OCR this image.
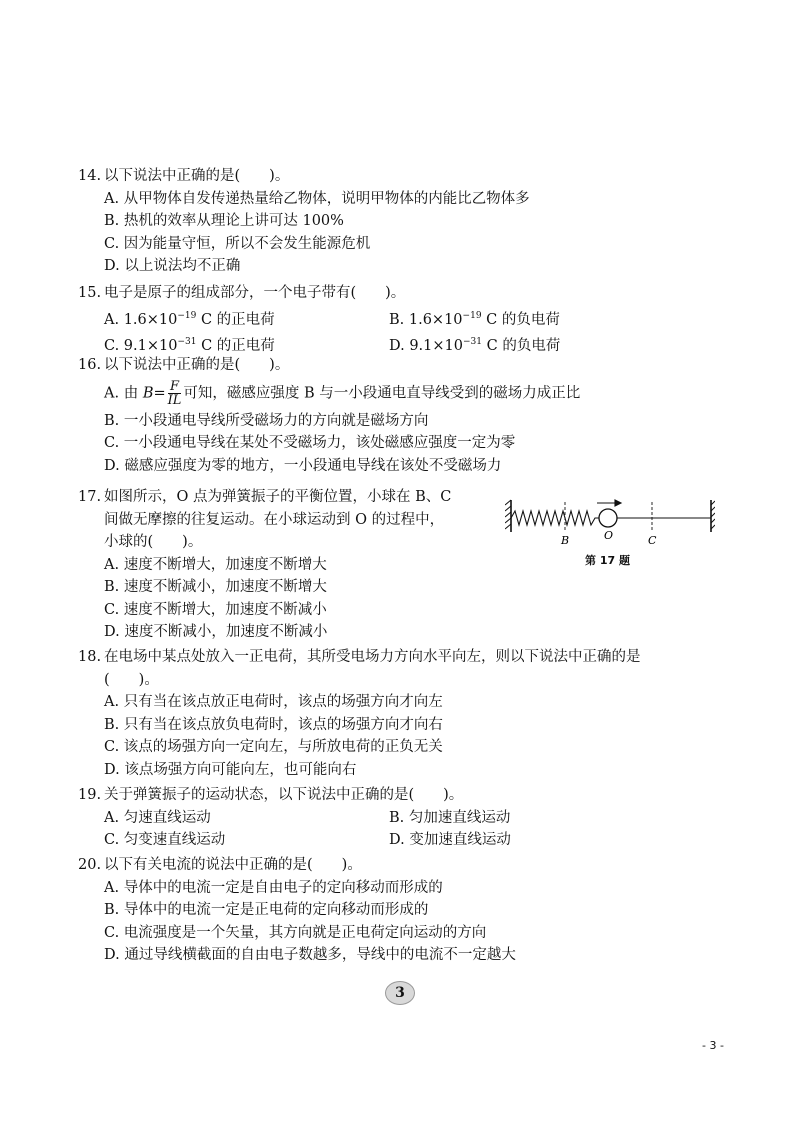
14. 以下说法中正确的是(　　)。
A. 从甲物体自发传递热量给乙物体，说明甲物体的内能比乙物体多
B. 热机的效率从理论上讲可达 100%
C. 因为能量守恒，所以不会发生能源危机
D. 以上说法均不正确
15. 电子是原子的组成部分，一个电子带有(　　)。
A. $1.6\times 10^{-19}$ C 的正电荷	B. $1.6\times 10^{-19}$ C 的负电荷
C. $9.1\times 10^{-31}$ C 的正电荷	D. $9.1\times 10^{-31}$ C 的负电荷
16. 以下说法中正确的是(　　)。
A. 由 $B= \frac{F}{IL}$ 可知，磁感应强度 B 与一小段通电直导线受到的磁场力成正比
B. 一小段通电导线所受磁场力的方向就是磁场方向
C. 一小段通电导线在某处不受磁场力，该处磁感应强度一定为零
D. 磁感应强度为零的地方，一小段通电导线在该处不受磁场力
17. 如图所示，O 点为弹簧振子的平衡位置，小球在 B、C
间做无摩擦的往复运动。在小球运动到 O 的过程中，
小球的(　　)。
A. 速度不断增大，加速度不断增大
B. 速度不断减小，加速度不断增大
C. 速度不断增大，加速度不断减小
D. 速度不断减小，加速度不断减小
B	O	C
第 17 题
18. 在电场中某点处放入一正电荷，其所受电场力方向水平向左，则以下说法中正确的是
(　　)。
A. 只有当在该点放正电荷时，该点的场强方向才向左
B. 只有当在该点放负电荷时，该点的场强方向才向右
C. 该点的场强方向一定向左，与所放电荷的正负无关
D. 该点场强方向可能向左，也可能向右
19. 关于弹簧振子的运动状态，以下说法中正确的是(　　)。
A. 匀速直线运动	B. 匀加速直线运动
C. 匀变速直线运动	D. 变加速直线运动
20. 以下有关电流的说法中正确的是(　　)。
A. 导体中的电流一定是自由电子的定向移动而形成的
B. 导体中的电流一定是正电荷的定向移动而形成的
C. 电流强度是一个矢量，其方向就是正电荷定向运动的方向
D. 通过导线横截面的自由电子数越多，导线中的电流不一定越大
3
- 3 -
